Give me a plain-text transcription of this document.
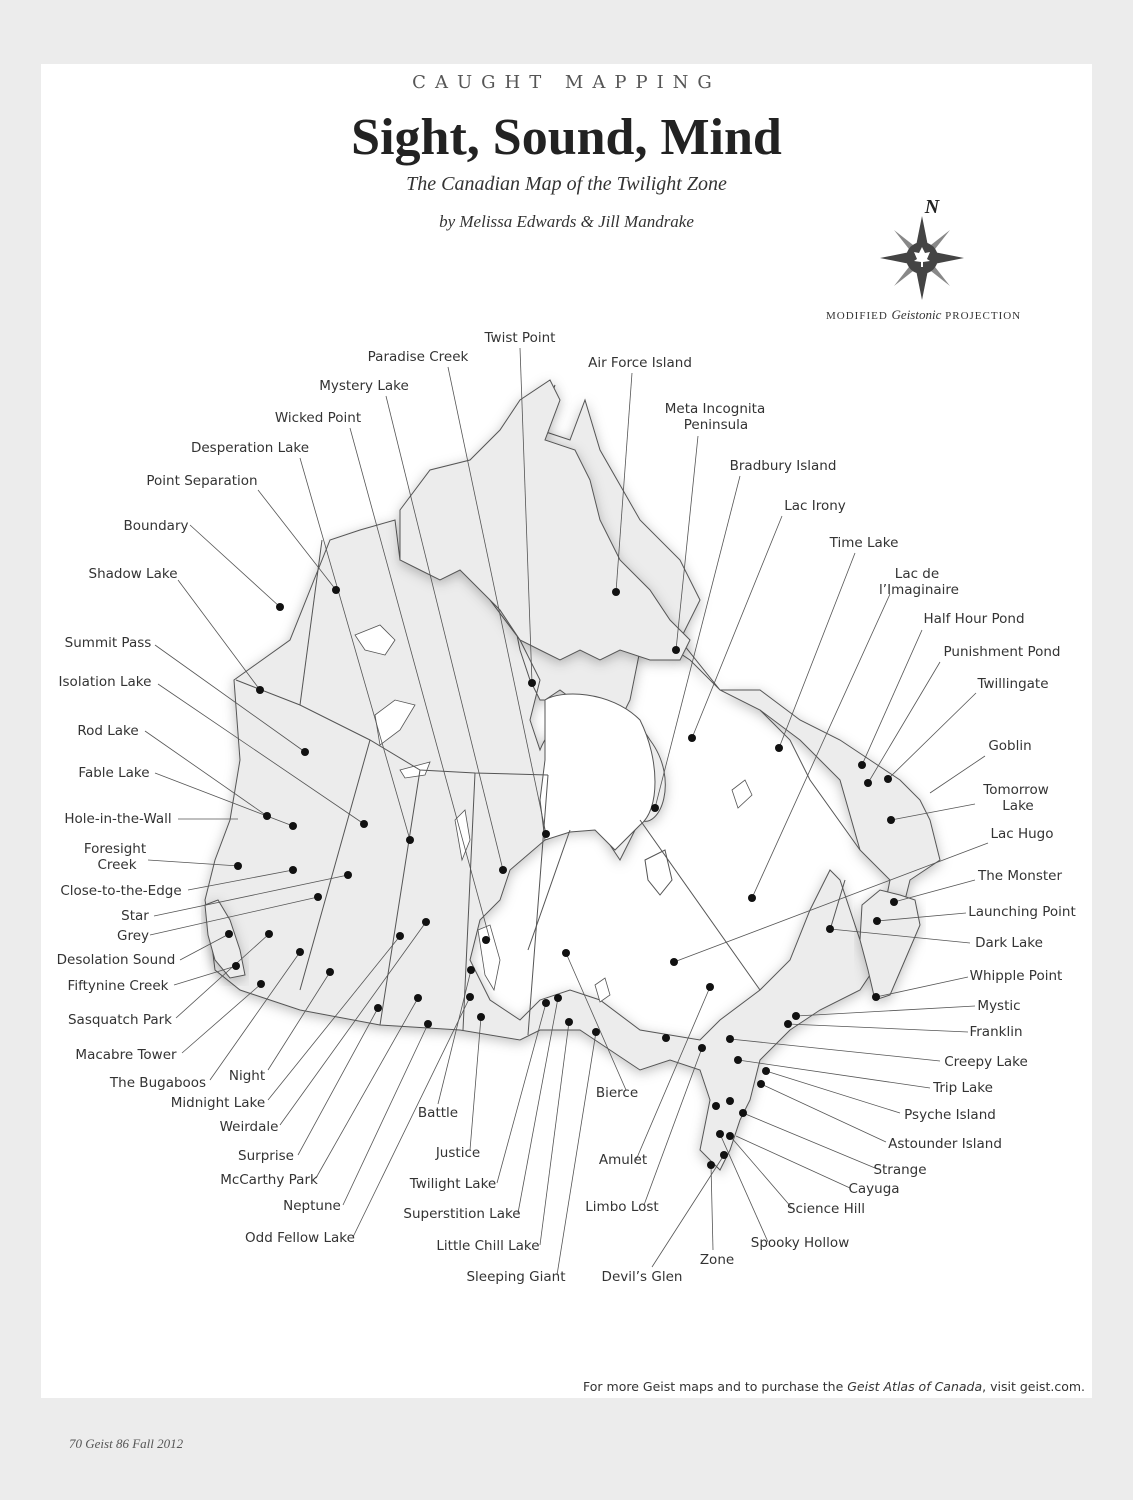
CAUGHT MAPPING
Sight, Sound, Mind
The Canadian Map of the Twilight Zone
by Melissa Edwards & Jill Mandrake
MODIFIED Geistonic PROJECTION
N
Twist Point
Paradise Creek	Air Force Island
Mystery Lake
Wicked Point
Meta Incognita
Peninsula
Desperation Lake
Bradbury Island
Point Separation
Lac Irony
Boundary
Time Lake
Shadow Lake	Lac de
l’Imaginaire
Half Hour Pond
Summit Pass
Punishment Pond
Isolation Lake	Twillingate
Rod Lake
Goblin
Fable Lake
Tomorrow
Lake
Hole-in-the-Wall
Lac Hugo
Foresight
Creek
Close-to-the-Edge
The Monster
Star	Launching Point
Grey	Dark Lake
Desolation Sound
Whipple Point
Fiftynine Creek
Mystic
Sasquatch Park
Franklin
Macabre Tower	Creepy Lake
The Bugaboos Night
Trip Lake
Midnight Lake
Psyche Island
Weirdale
Battle
Bierce
Astounder Island
Surprise	Justice	Amulet
Strange
McCarthy Park	Twilight Lake	Cayuga
Neptune	Superstition Lake	Limbo Lost	Science Hill
Odd Fellow Lake	Little Chill Lake	Spooky Hollow
Zone
Sleeping Giant	Devil’s Glen
For more Geist maps and to purchase the Geist Atlas of Canada, visit geist.com.
70 Geist 86 Fall 2012
